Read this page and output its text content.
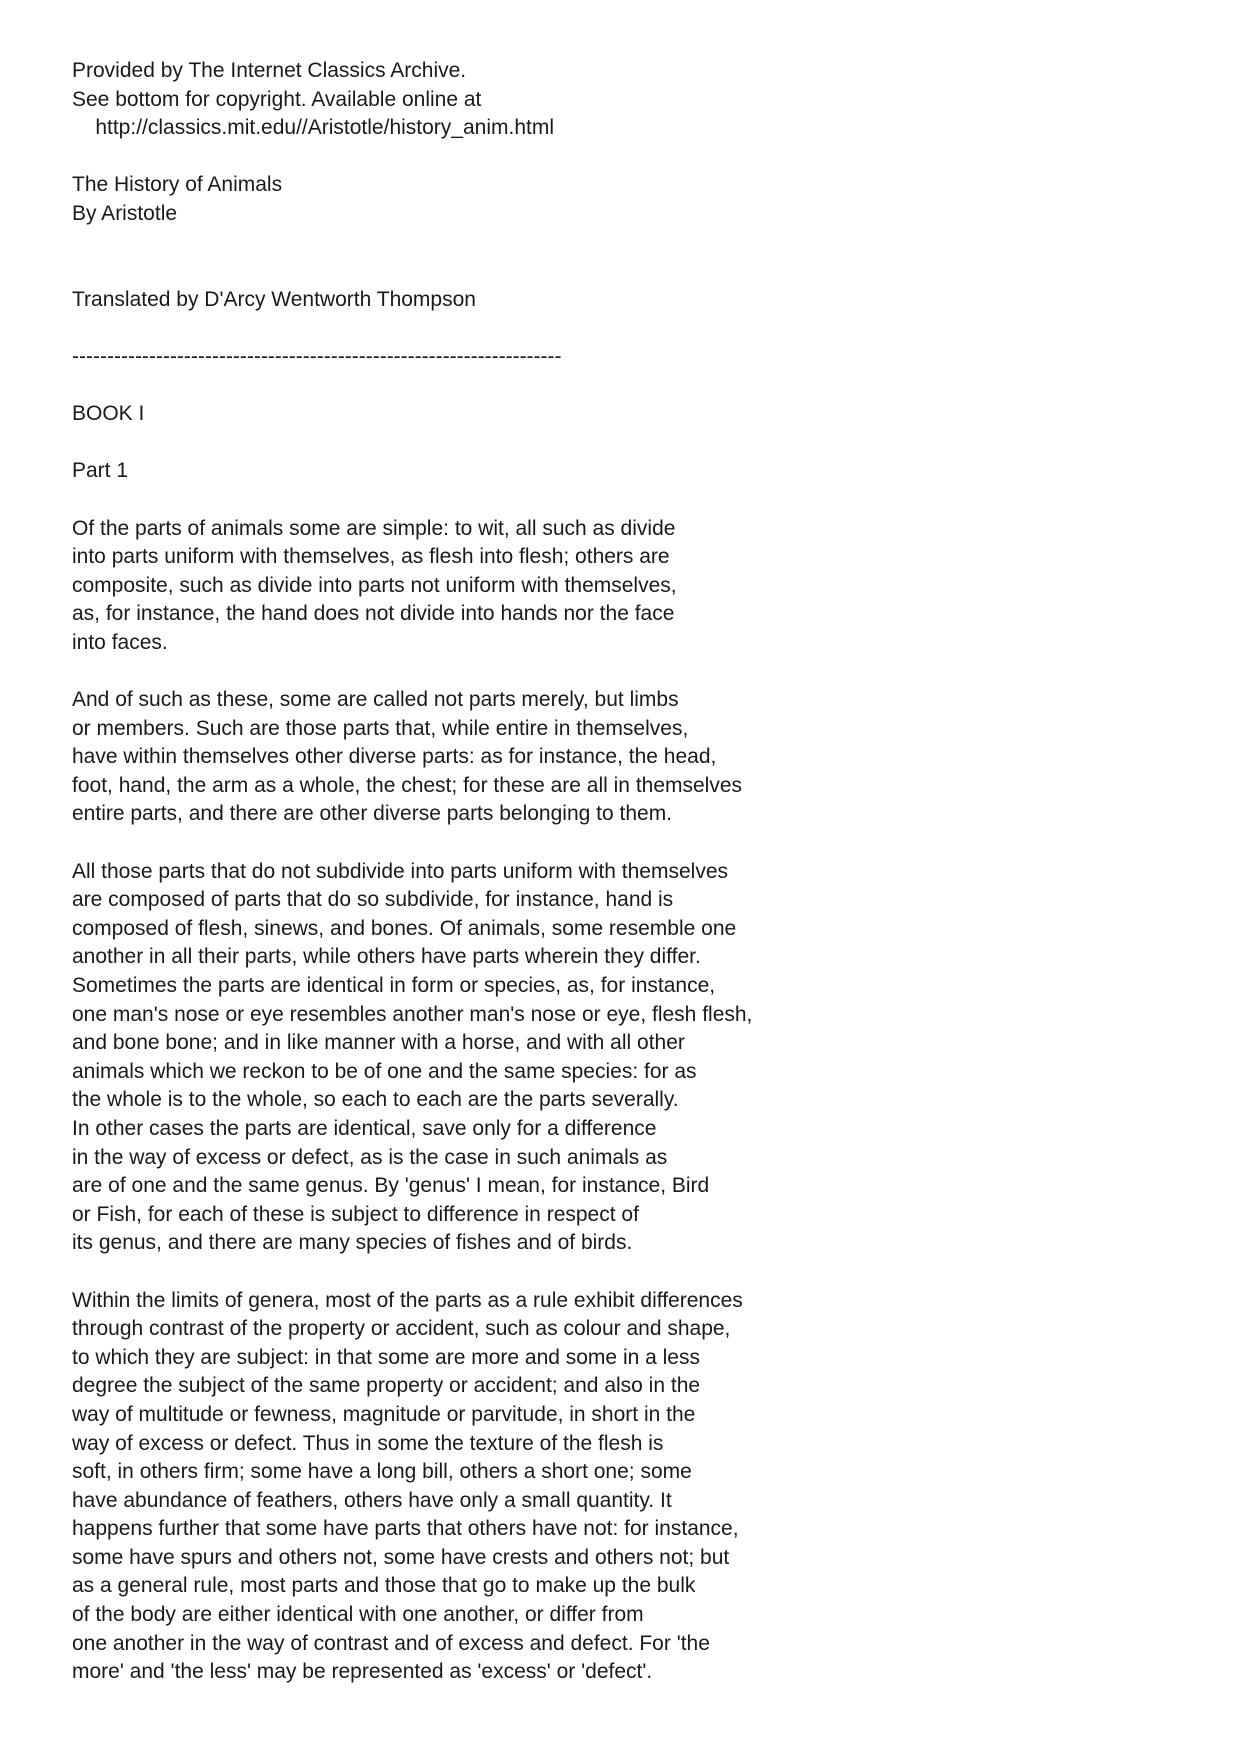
Provided by The Internet Classics Archive.
See bottom for copyright. Available online at
http://classics.mit.edu//Aristotle/history_anim.html
The History of Animals
By Aristotle
Translated by D'Arcy Wentworth Thompson
----------------------------------------------------------------------
BOOK I
Part 1
Of the parts of animals some are simple: to wit, all such as divide
into parts uniform with themselves, as flesh into flesh; others are
composite, such as divide into parts not uniform with themselves,
as, for instance, the hand does not divide into hands nor the face
into faces.
And of such as these, some are called not parts merely, but limbs
or members. Such are those parts that, while entire in themselves,
have within themselves other diverse parts: as for instance, the head,
foot, hand, the arm as a whole, the chest; for these are all in themselves
entire parts, and there are other diverse parts belonging to them.
All those parts that do not subdivide into parts uniform with themselves
are composed of parts that do so subdivide, for instance, hand is
composed of flesh, sinews, and bones. Of animals, some resemble one
another in all their parts, while others have parts wherein they differ.
Sometimes the parts are identical in form or species, as, for instance,
one man's nose or eye resembles another man's nose or eye, flesh flesh,
and bone bone; and in like manner with a horse, and with all other
animals which we reckon to be of one and the same species: for as
the whole is to the whole, so each to each are the parts severally.
In other cases the parts are identical, save only for a difference
in the way of excess or defect, as is the case in such animals as
are of one and the same genus. By 'genus' I mean, for instance, Bird
or Fish, for each of these is subject to difference in respect of
its genus, and there are many species of fishes and of birds.
Within the limits of genera, most of the parts as a rule exhibit differences
through contrast of the property or accident, such as colour and shape,
to which they are subject: in that some are more and some in a less
degree the subject of the same property or accident; and also in the
way of multitude or fewness, magnitude or parvitude, in short in the
way of excess or defect. Thus in some the texture of the flesh is
soft, in others firm; some have a long bill, others a short one; some
have abundance of feathers, others have only a small quantity. It
happens further that some have parts that others have not: for instance,
some have spurs and others not, some have crests and others not; but
as a general rule, most parts and those that go to make up the bulk
of the body are either identical with one another, or differ from
one another in the way of contrast and of excess and defect. For 'the
more' and 'the less' may be represented as 'excess' or 'defect'.
